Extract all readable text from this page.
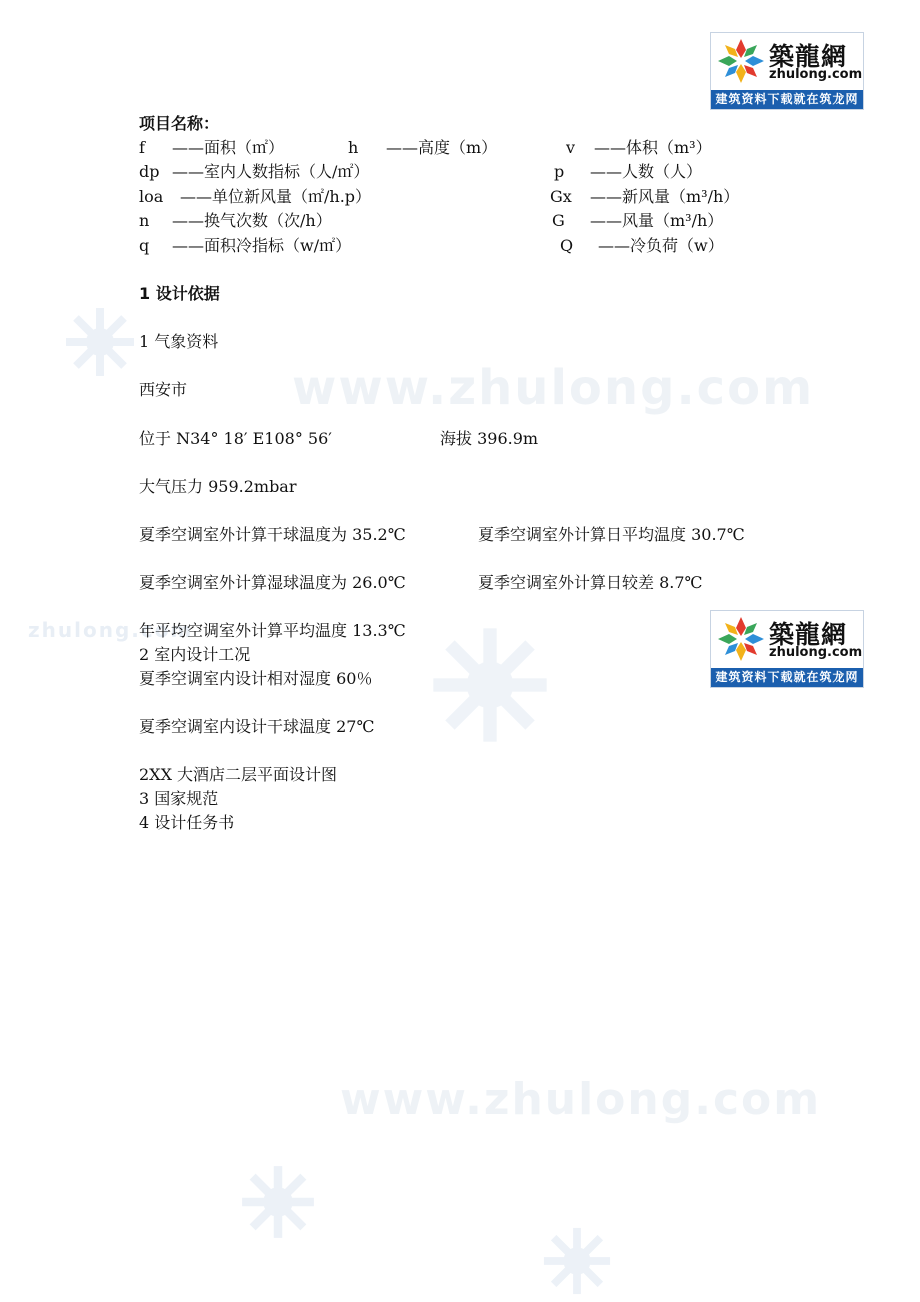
www.zhulong.com
zhulong.com
www.zhulong.com
築龍網
zhulong.com
建筑资料下载就在筑龙网
築龍網
zhulong.com
建筑资料下载就在筑龙网
项目名称：
f ——面积（㎡）	h ——高度（m）	v ——体积（m³）
dp ——室内人数指标（人/㎡）	p ——人数（人）
loa ——单位新风量（㎡/h.p）	Gx ——新风量（m³/h）
n ——换气次数（次/h）	G ——风量（m³/h）
q ——面积冷指标（w/㎡）	Q ——冷负荷（w）
1 设计依据
1 气象资料
西安市
位于 N34° 18′ E108° 56′	海拔 396.9m
大气压力 959.2mbar
夏季空调室外计算干球温度为 35.2℃	夏季空调室外计算日平均温度 30.7℃
夏季空调室外计算湿球温度为 26.0℃	夏季空调室外计算日较差 8.7℃
年平均空调室外计算平均温度 13.3℃
2 室内设计工况
夏季空调室内设计相对湿度 60％
夏季空调室内设计干球温度 27℃
2XX 大酒店二层平面设计图
3 国家规范
4 设计任务书
